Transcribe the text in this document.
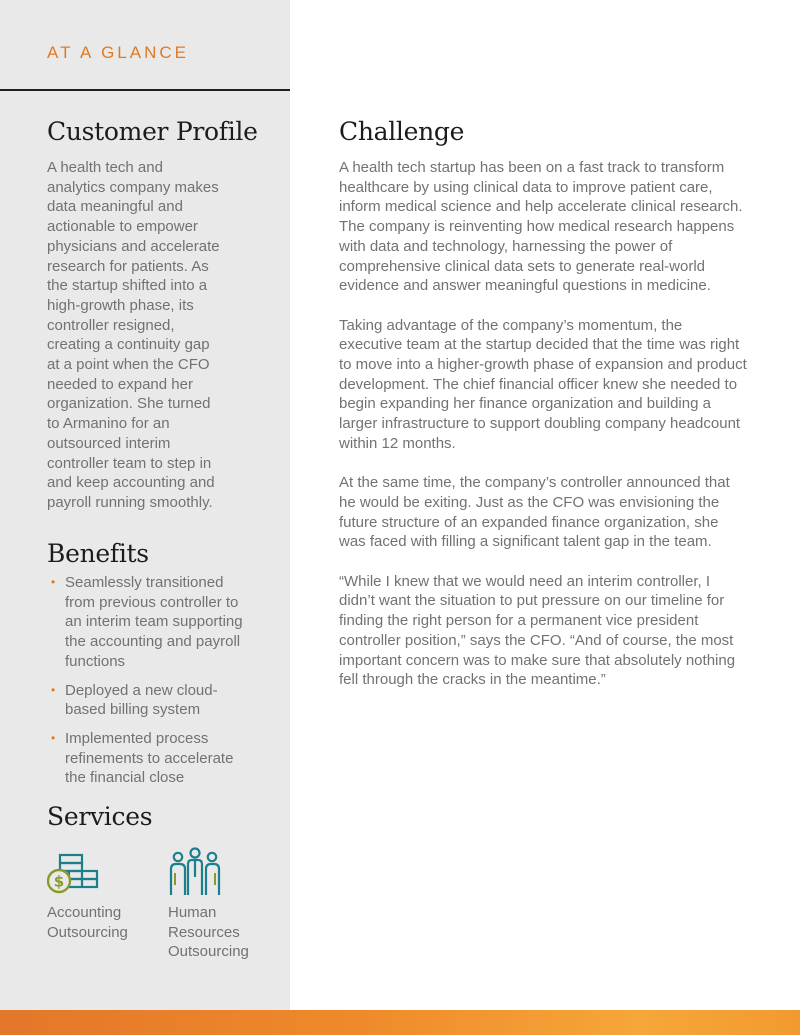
AT A GLANCE
Customer Profile

A health tech and analytics company makes data meaningful and actionable to empower physicians and accelerate research for patients. As the startup shifted into a high-growth phase, its controller resigned, creating a continuity gap at a point when the CFO needed to expand her organization. She turned to Armanino for an outsourced interim controller team to step in and keep accounting and payroll running smoothly.

Benefits
• Seamlessly transitioned from previous controller to an interim team supporting the accounting and payroll functions
• Deployed a new cloud-based billing system
• Implemented process refinements to accelerate the financial close
Services
$
Accounting Outsourcing
Human Resources Outsourcing
Challenge

A health tech startup has been on a fast track to transform healthcare by using clinical data to improve patient care, inform medical science and help accelerate clinical research. The company is reinventing how medical research happens with data and technology, harnessing the power of comprehensive clinical data sets to generate real-world evidence and answer meaningful questions in medicine.

Taking advantage of the company’s momentum, the executive team at the startup decided that the time was right to move into a higher-growth phase of expansion and product development. The chief financial officer knew she needed to begin expanding her finance organization and building a larger infrastructure to support doubling company headcount within 12 months.

At the same time, the company’s controller announced that he would be exiting. Just as the CFO was envisioning the future structure of an expanded finance organization, she was faced with filling a significant talent gap in the team.

“While I knew that we would need an interim controller, I didn’t want the situation to put pressure on our timeline for finding the right person for a permanent vice president controller position,” says the CFO. “And of course, the most important concern was to make sure that absolutely nothing fell through the cracks in the meantime.”
